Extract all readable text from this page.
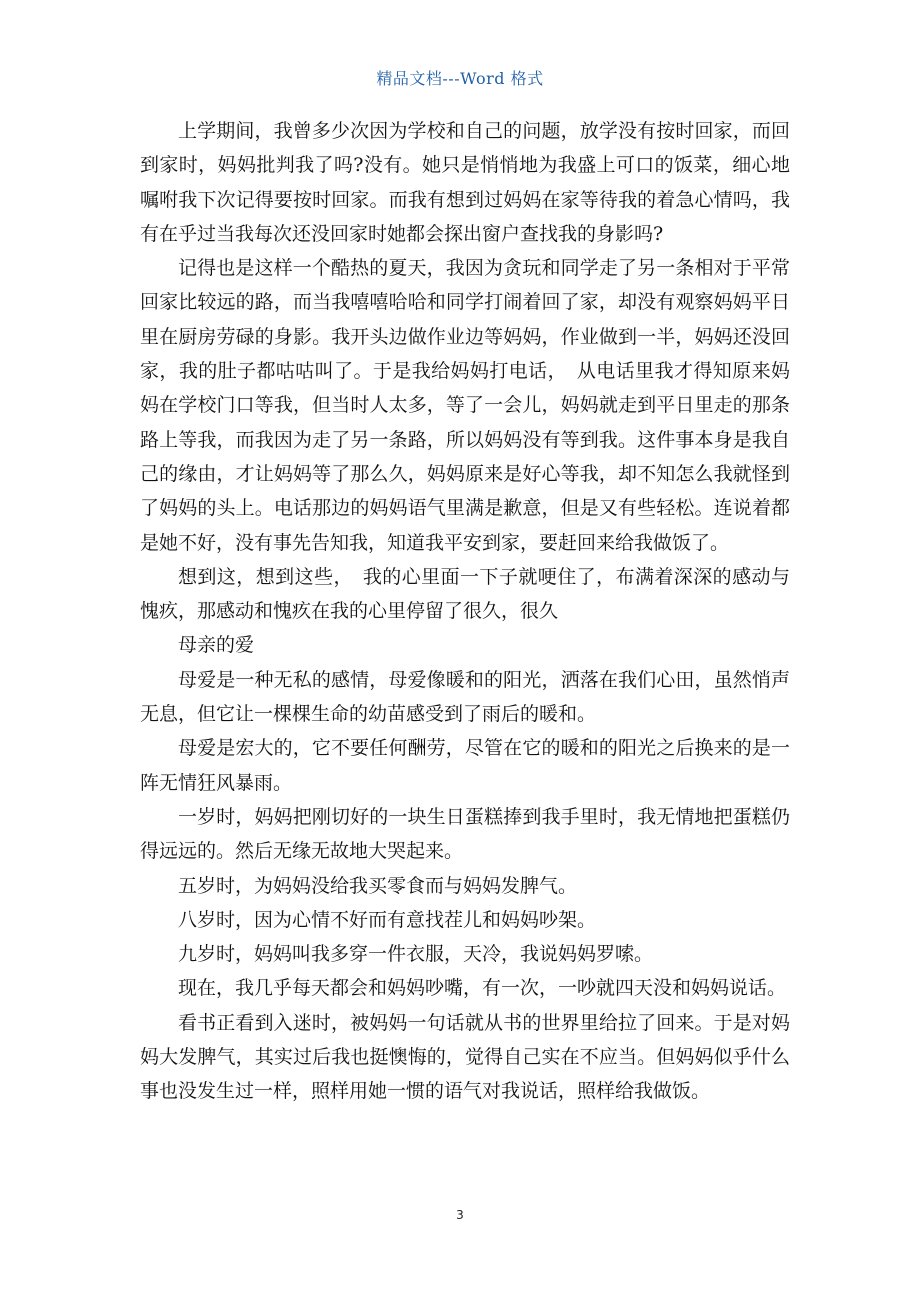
精品文档---Word 格式

上学期间，我曾多少次因为学校和自己的问题，放学没有按时回家，而回到家时，妈妈批判我了吗?没有。她只是悄悄地为我盛上可口的饭菜，细心地嘱咐我下次记得要按时回家。而我有想到过妈妈在家等待我的着急心情吗，我有在乎过当我每次还没回家时她都会探出窗户查找我的身影吗?

记得也是这样一个酷热的夏天，我因为贪玩和同学走了另一条相对于平常回家比较远的路，而当我嘻嘻哈哈和同学打闹着回了家，却没有观察妈妈平日里在厨房劳碌的身影。我开头边做作业边等妈妈，作业做到一半，妈妈还没回家，我的肚子都咕咕叫了。于是我给妈妈打电话，　从电话里我才得知原来妈妈在学校门口等我，但当时人太多，等了一会儿，妈妈就走到平日里走的那条路上等我，而我因为走了另一条路，所以妈妈没有等到我。这件事本身是我自己的缘由，才让妈妈等了那么久，妈妈原来是好心等我，却不知怎么我就怪到了妈妈的头上。电话那边的妈妈语气里满是歉意，但是又有些轻松。连说着都是她不好，没有事先告知我，知道我平安到家，要赶回来给我做饭了。

想到这，想到这些，　我的心里面一下子就哽住了，布满着深深的感动与愧疚，那感动和愧疚在我的心里停留了很久，很久

母亲的爱

母爱是一种无私的感情，母爱像暖和的阳光，洒落在我们心田，虽然悄声无息，但它让一棵棵生命的幼苗感受到了雨后的暖和。

母爱是宏大的，它不要任何酬劳，尽管在它的暖和的阳光之后换来的是一阵无情狂风暴雨。

一岁时，妈妈把刚切好的一块生日蛋糕捧到我手里时，我无情地把蛋糕仍得远远的。然后无缘无故地大哭起来。

五岁时，为妈妈没给我买零食而与妈妈发脾气。

八岁时，因为心情不好而有意找茬儿和妈妈吵架。

九岁时，妈妈叫我多穿一件衣服，天冷，我说妈妈罗嗦。

现在，我几乎每天都会和妈妈吵嘴，有一次，一吵就四天没和妈妈说话。

看书正看到入迷时，被妈妈一句话就从书的世界里给拉了回来。于是对妈妈大发脾气，其实过后我也挺懊悔的，觉得自己实在不应当。但妈妈似乎什么事也没发生过一样，照样用她一惯的语气对我说话，照样给我做饭。

3
